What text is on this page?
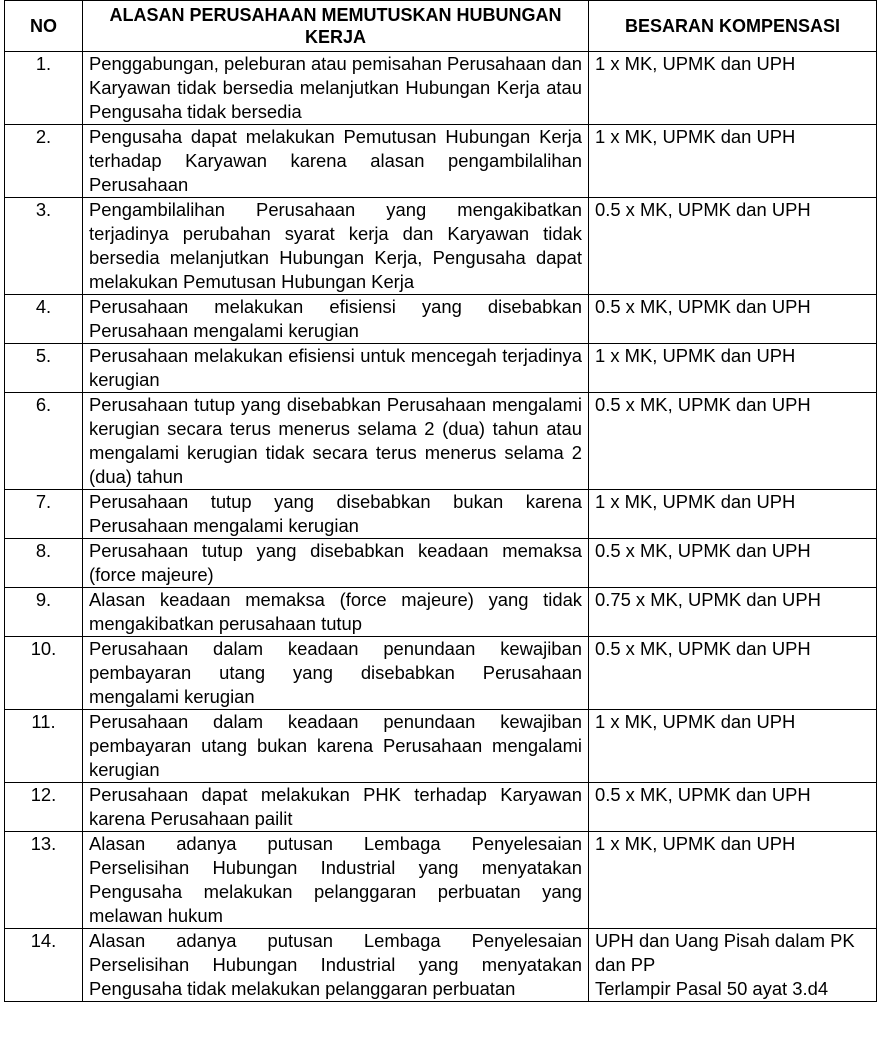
NO	ALASAN PERUSAHAAN MEMUTUSKAN HUBUNGAN KERJA	BESARAN KOMPENSASI
1.	Penggabungan, peleburan atau pemisahan Perusahaan dan Karyawan tidak bersedia melanjutkan Hubungan Kerja atau Pengusaha tidak bersedia	1 x MK, UPMK dan UPH
2.	Pengusaha dapat melakukan Pemutusan Hubungan Kerja terhadap Karyawan karena alasan pengambilalihan Perusahaan	1 x MK, UPMK dan UPH
3.	Pengambilalihan Perusahaan yang mengakibatkan terjadinya perubahan syarat kerja dan Karyawan tidak bersedia melanjutkan Hubungan Kerja, Pengusaha dapat melakukan Pemutusan Hubungan Kerja	0.5 x MK, UPMK dan UPH
4.	Perusahaan melakukan efisiensi yang disebabkan Perusahaan mengalami kerugian	0.5 x MK, UPMK dan UPH
5.	Perusahaan melakukan efisiensi untuk mencegah terjadinya kerugian	1 x MK, UPMK dan UPH
6.	Perusahaan tutup yang disebabkan Perusahaan mengalami kerugian secara terus menerus selama 2 (dua) tahun atau mengalami kerugian tidak secara terus menerus selama 2 (dua) tahun	0.5 x MK, UPMK dan UPH
7.	Perusahaan tutup yang disebabkan bukan karena Perusahaan mengalami kerugian	1 x MK, UPMK dan UPH
8.	Perusahaan tutup yang disebabkan keadaan memaksa (force majeure)	0.5 x MK, UPMK dan UPH
9.	Alasan keadaan memaksa (force majeure) yang tidak mengakibatkan perusahaan tutup	0.75 x MK, UPMK dan UPH
10.	Perusahaan dalam keadaan penundaan kewajiban pembayaran utang yang disebabkan Perusahaan mengalami kerugian	0.5 x MK, UPMK dan UPH
11.	Perusahaan dalam keadaan penundaan kewajiban pembayaran utang bukan karena Perusahaan mengalami kerugian	1 x MK, UPMK dan UPH
12.	Perusahaan dapat melakukan PHK terhadap Karyawan karena Perusahaan pailit	0.5 x MK, UPMK dan UPH
13.	Alasan adanya putusan Lembaga Penyelesaian Perselisihan Hubungan Industrial yang menyatakan Pengusaha melakukan pelanggaran perbuatan yang melawan hukum	1 x MK, UPMK dan UPH
14.	Alasan adanya putusan Lembaga Penyelesaian Perselisihan Hubungan Industrial yang menyatakan Pengusaha tidak melakukan pelanggaran perbuatan	UPH dan Uang Pisah dalam PK dan PP
Terlampir Pasal 50 ayat 3.d4
